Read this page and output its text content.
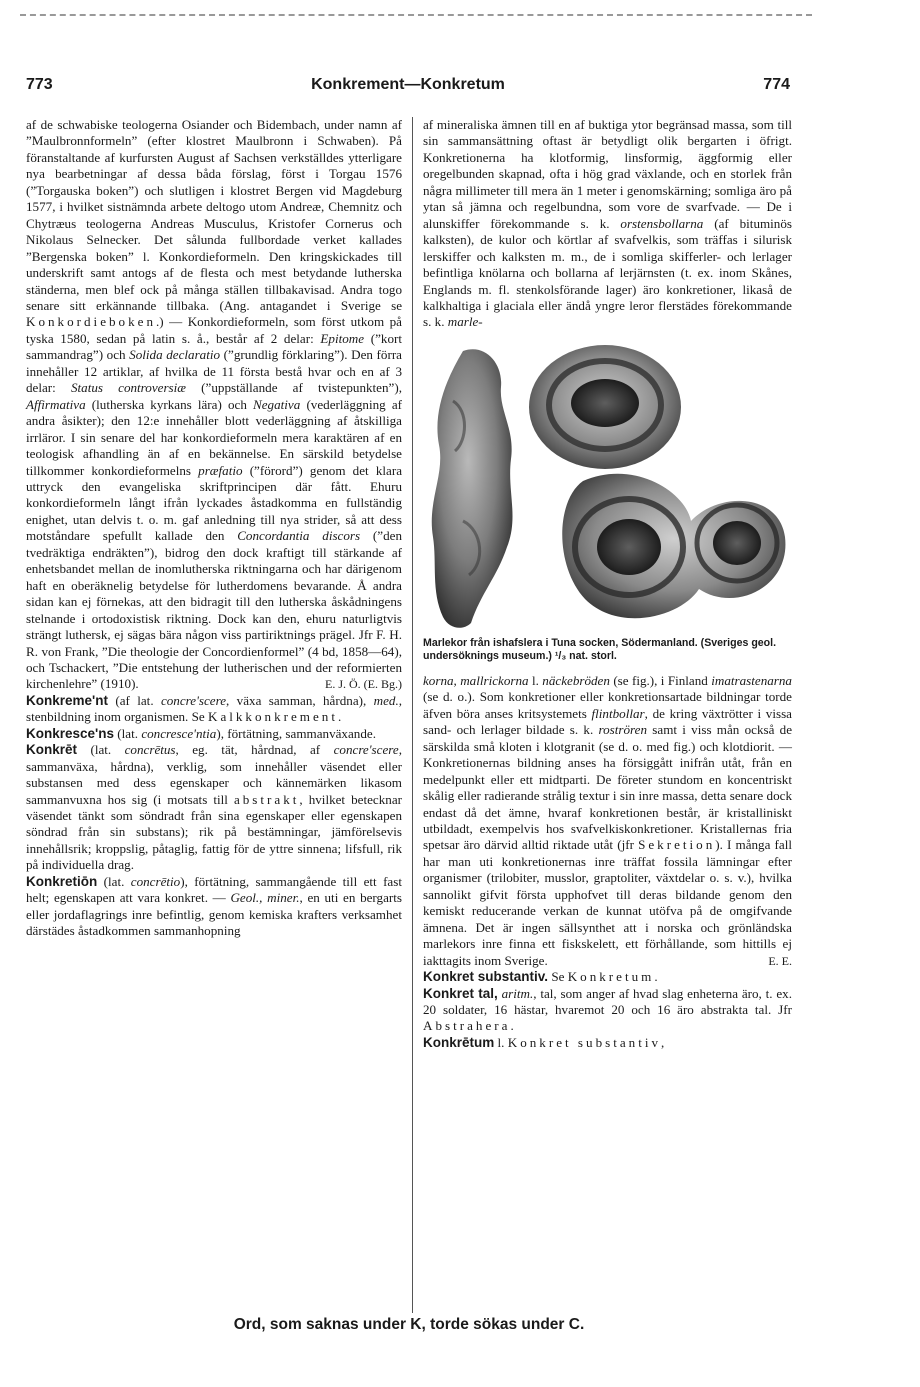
773	Konkrement—Konkretum	774

af de schwabiske teologerna Osiander och Bidembach, under namn af ”Maulbronnformeln” (efter klostret Maulbronn i Schwaben). På föranstaltande af kurfursten August af Sachsen verkställdes ytterligare nya bearbetningar af dessa båda förslag, först i Torgau 1576 (”Torgauska boken”) och slutligen i klostret Bergen vid Magdeburg 1577, i hvilket sistnämnda arbete deltogo utom Andreæ, Chemnitz och Chytræus teologerna Andreas Musculus, Kristofer Cornerus och Nikolaus Selnecker. Det sålunda fullbordade verket kallades ”Bergenska boken” l. Konkordieformeln. Den kringskickades till underskrift samt antogs af de flesta och mest betydande lutherska ständerna, men blef ock på många ställen tillbakavisad. Andra togo senare sitt erkännande tillbaka. (Ang. antagandet i Sverige se Konkordieboken.) — Konkordieformeln, som först utkom på tyska 1580, sedan på latin s. å., består af 2 delar: Epitome (”kort sammandrag”) och Solida declaratio (”grundlig förklaring”). Den förra innehåller 12 artiklar, af hvilka de 11 första bestå hvar och en af 3 delar: Status controversiæ (”uppställande af tvistepunkten”), Affirmativa (lutherska kyrkans lära) och Negativa (vederläggning af andra åsikter); den 12:e innehåller blott vederläggning af åtskilliga irrläror. I sin senare del har konkordieformeln mera karaktären af en teologisk afhandling än af en bekännelse. En särskild betydelse tillkommer konkordieformelns præfatio (”förord”) genom det klara uttryck den evangeliska skriftprincipen där fått. Ehuru konkordieformeln långt ifrån lyckades åstadkomma en fullständig enighet, utan delvis t. o. m. gaf anledning till nya strider, så att dess motståndare spefullt kallade den Concordantia discors (”den tvedräktiga endräkten”), bidrog den dock kraftigt till stärkande af enhetsbandet mellan de inomlutherska riktningarna och har därigenom haft en oberäknelig betydelse för lutherdomens bevarande. Å andra sidan kan ej förnekas, att den bidragit till den lutherska åskådningens stelnande i ortodoxistisk riktning. Dock kan den, ehuru naturligtvis strängt luthersk, ej sägas bära någon viss partiriktnings prägel. Jfr F. H. R. von Frank, ”Die theologie der Concordienformel” (4 bd, 1858—64), och Tschackert, ”Die entstehung der lutherischen und der reformierten kirchenlehre” (1910).	E. J. Ö. (E. Bg.)

Konkreme'nt (af lat. concre'scere, växa samman, hårdna), med., stenbildning inom organismen. Se Kalkkonkrement.

Konkresce'ns (lat. concresce'ntia), förtätning, sammanväxande.

Konkrēt (lat. concrētus, eg. tät, hårdnad, af concre'scere, sammanväxa, hårdna), verklig, som innehåller väsendet eller substansen med dess egenskaper och kännemärken likasom sammanvuxna hos sig (i motsats till abstrakt, hvilket betecknar väsendet tänkt som söndradt från sina egenskaper eller egenskapen söndrad från sin substans); rik på bestämningar, jämförelsevis innehållsrik; kroppslig, påtaglig, fattig för de yttre sinnena; lifsfull, rik på individuella drag.

Konkretiōn (lat. concrētio), förtätning, sammangående till ett fast helt; egenskapen att vara konkret. — Geol., miner., en uti en bergarts eller jordaflagrings inre befintlig, genom kemiska krafters verksamhet därstädes åstadkommen sammanhopning

af mineraliska ämnen till en af buktiga ytor begränsad massa, som till sin sammansättning oftast är betydligt olik bergarten i öfrigt. Konkretionerna ha klotformig, linsformig, äggformig eller oregelbunden skapnad, ofta i hög grad växlande, och en storlek från några millimeter till mera än 1 meter i genomskärning; somliga äro på ytan så jämna och regelbundna, som vore de svarfvade. — De i alunskiffer förekommande s. k. orstensbollarna (af bituminös kalksten), de kulor och körtlar af svafvelkis, som träffas i silurisk lerskiffer och kalksten m. m., de i somliga skifferler- och lerlager befintliga knölarna och bollarna af lerjärnsten (t. ex. inom Skånes, Englands m. fl. stenkolsförande lager) äro konkretioner, likaså de kalkhaltiga i glaciala eller ändå yngre leror flerstädes förekommande s. k. marle-

Marlekor från ishafslera i Tuna socken, Södermanland. (Sveriges geol. undersöknings museum.) ¹/₃ nat. storl.

korna, mallrickorna l. näckebröden (se fig.), i Finland imatrastenarna (se d. o.). Som konkretioner eller konkretionsartade bildningar torde äfven böra anses kritsystemets flintbollar, de kring växtrötter i vissa sand- och lerlager bildade s. k. roströren samt i viss mån också de särskilda små kloten i klotgranit (se d. o. med fig.) och klotdiorit. — Konkretionernas bildning anses ha försiggått inifrån utåt, från en medelpunkt eller ett midtparti. De företer stundom en koncentriskt skålig eller radierande strålig textur i sin inre massa, detta senare dock endast då det ämne, hvaraf konkretionen består, är kristalliniskt utbildadt, exempelvis hos svafvelkiskonkretioner. Kristallernas fria spetsar äro därvid alltid riktade utåt (jfr Sekretion). I många fall har man uti konkretionernas inre träffat fossila lämningar efter organismer (trilobiter, musslor, graptoliter, växtdelar o. s. v.), hvilka sannolikt gifvit första upphofvet till deras bildande genom den kemiskt reducerande verkan de kunnat utöfva på de omgifvande ämnena. Det är ingen sällsynthet att i norska och grönländska marlekors inre finna ett fiskskelett, ett förhållande, som hittills ej iakttagits inom Sverige.	E. E.

Konkret substantiv. Se Konkretum.

Konkret tal, aritm., tal, som anger af hvad slag enheterna äro, t. ex. 20 soldater, 16 hästar, hvaremot 20 och 16 äro abstrakta tal. Jfr Abstrahera.

Konkrētum l. Konkret substantiv,

Ord, som saknas under K, torde sökas under C.
